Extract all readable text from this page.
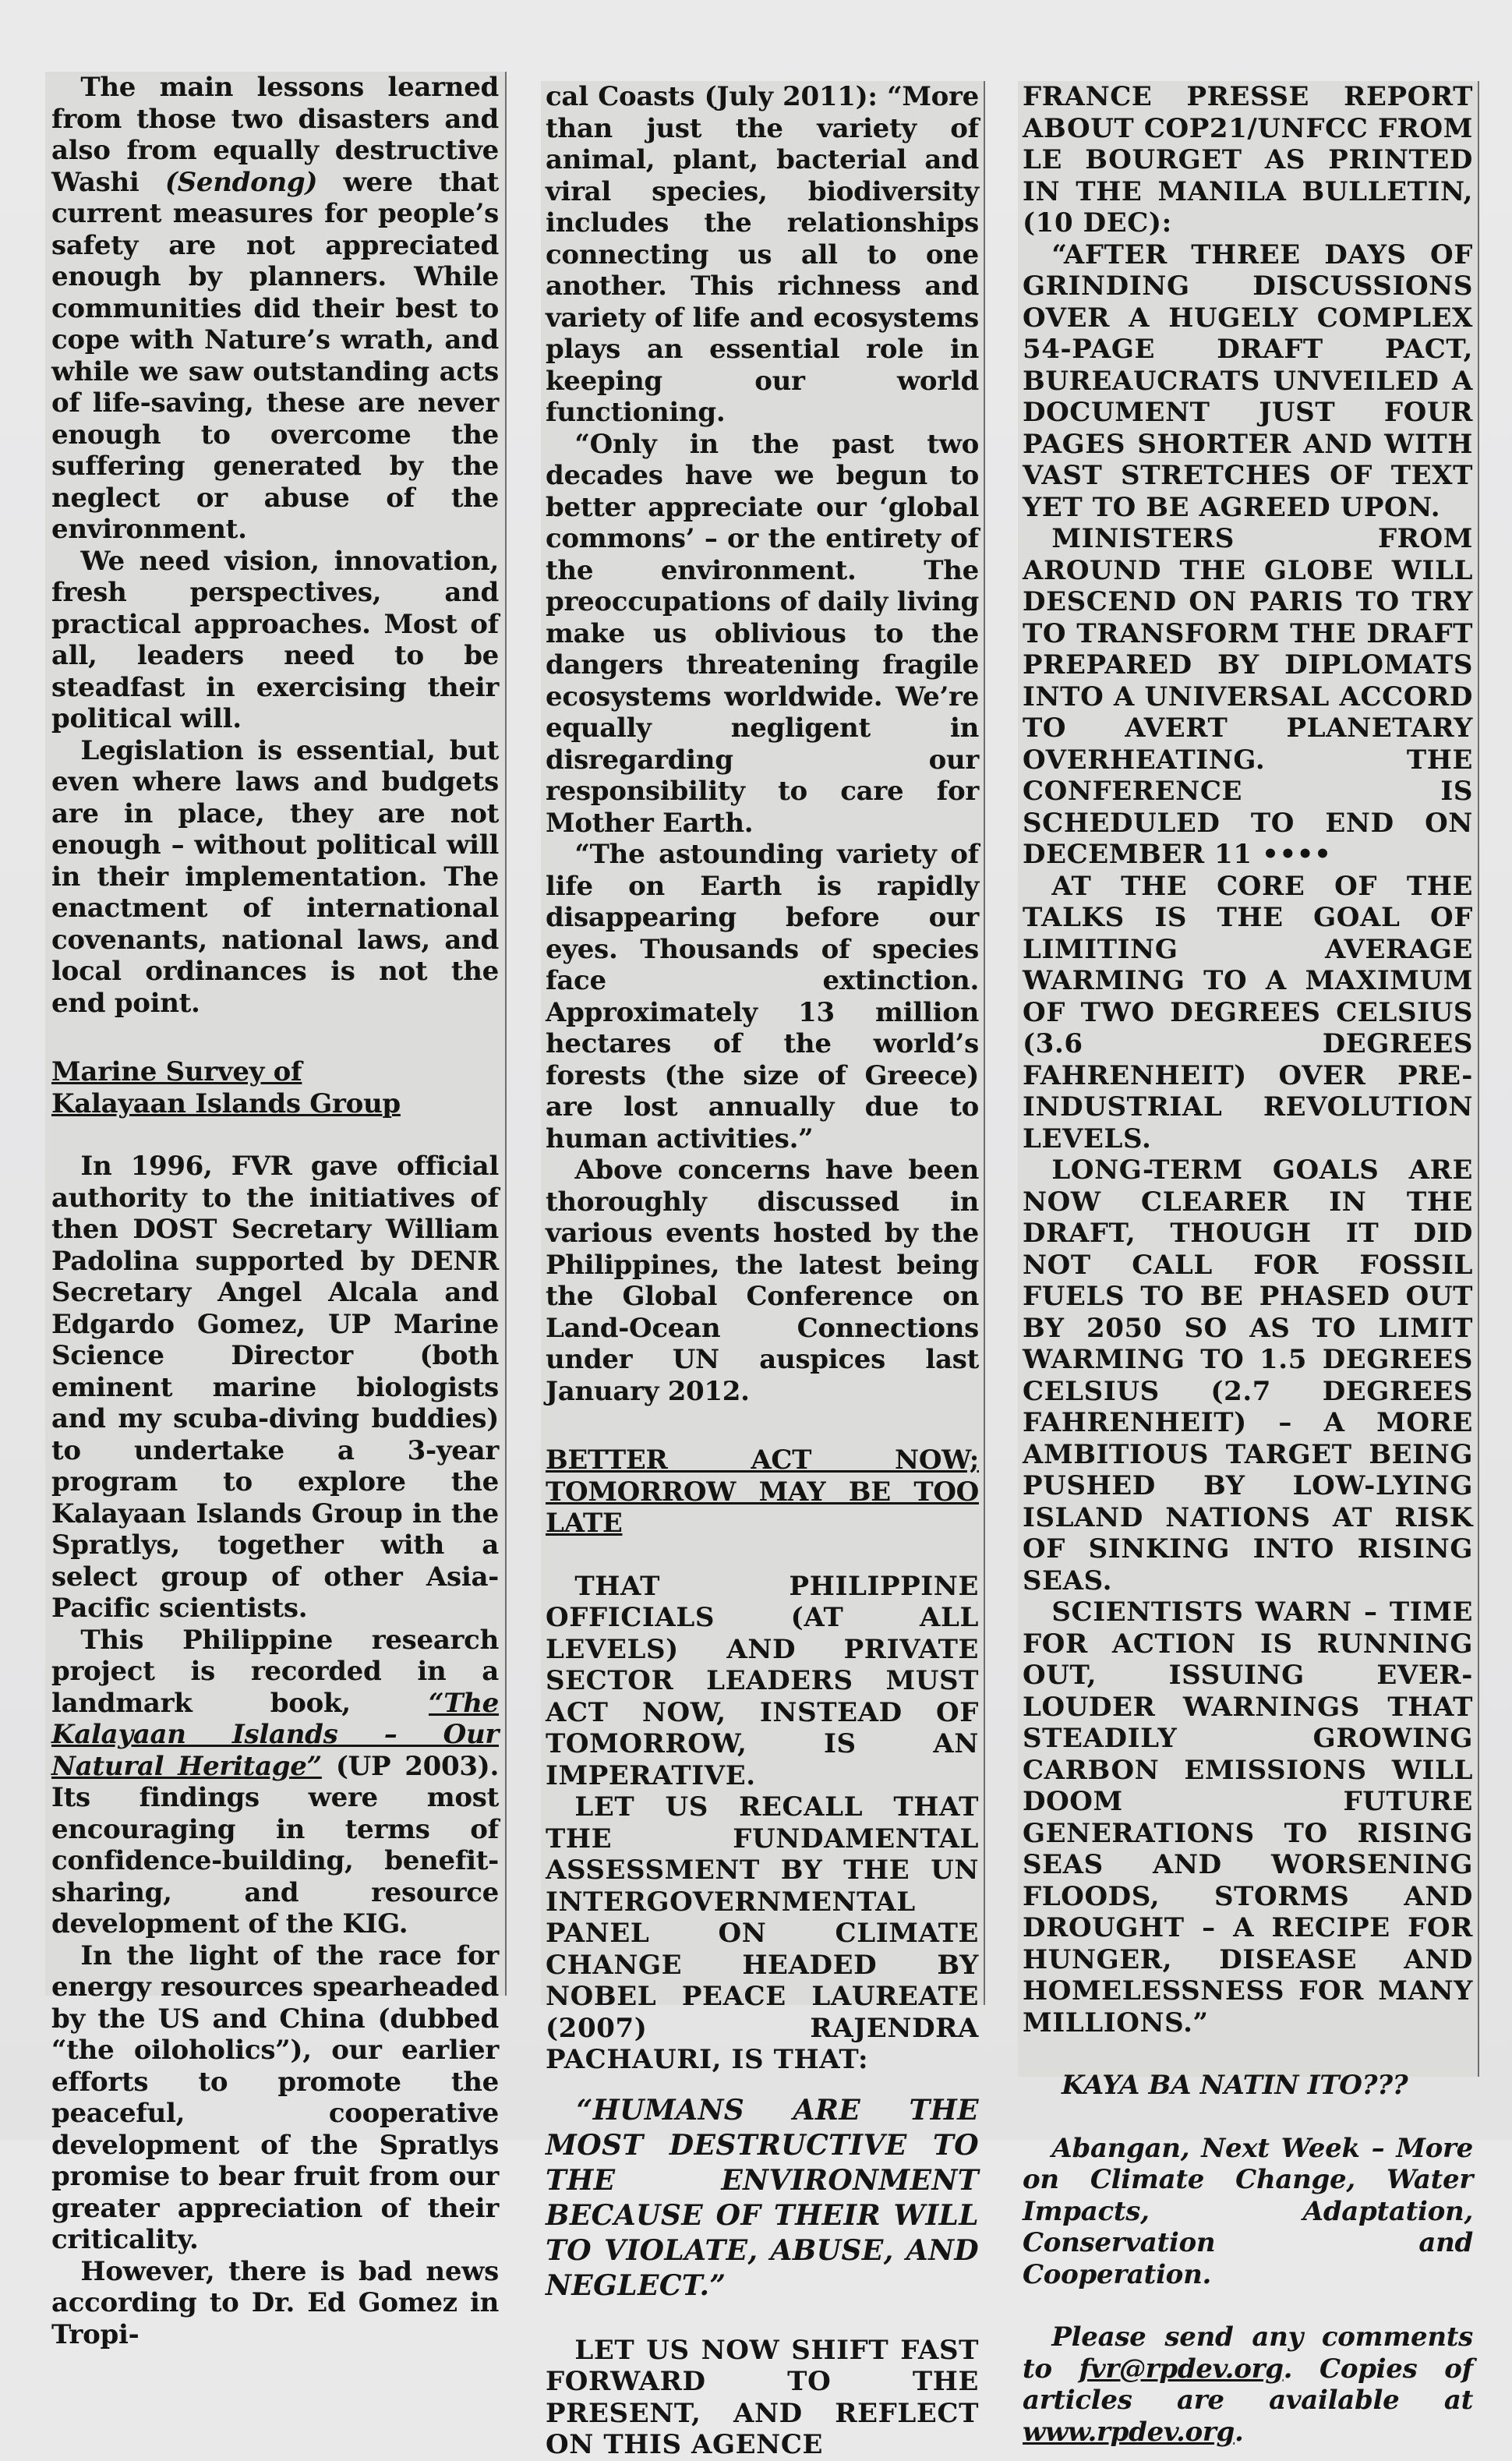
The main lessons learned from those two disasters and also from equally destructive Washi (Sendong) were that current measures for people’s safety are not appreciated enough by planners. While communities did their best to cope with Nature’s wrath, and while we saw outstanding acts of life-saving, these are never enough to overcome the suffering generated by the neglect or abuse of the environment.

We need vision, innovation, fresh perspectives, and practical approaches. Most of all, leaders need to be steadfast in exercising their political will.

Legislation is essential, but even where laws and budgets are in place, they are not enough – without political will in their implementation. The enactment of international covenants, national laws, and local ordinances is not the end point.

Marine Survey of
Kalayaan Islands Group

In 1996, FVR gave official authority to the initiatives of then DOST Secretary William Padolina supported by DENR Secretary Angel Alcala and Edgardo Gomez, UP Marine Science Director (both eminent marine biologists and my scuba-diving buddies) to undertake a 3-year program to explore the Kalayaan Islands Group in the Spratlys, together with a select group of other Asia-Pacific scientists.

This Philippine research project is recorded in a landmark book, “The Kalayaan Islands – Our Natural Heritage” (UP 2003). Its findings were most encouraging in terms of confidence-building, benefit-sharing, and resource development of the KIG.

In the light of the race for energy resources spearheaded by the US and China (dubbed “the oiloholics”), our earlier efforts to promote the peaceful, cooperative development of the Spratlys promise to bear fruit from our greater appreciation of their criticality.

However, there is bad news according to Dr. Ed Gomez in Tropi-

cal Coasts (July 2011): “More than just the variety of animal, plant, bacterial and viral species, biodiversity includes the relationships connecting us all to one another. This richness and variety of life and ecosystems plays an essential role in keeping our world functioning.

“Only in the past two decades have we begun to better appreciate our ‘global commons’ – or the entirety of the environment. The preoccupations of daily living make us oblivious to the dangers threatening fragile ecosystems worldwide. We’re equally negligent in disregarding our responsibility to care for Mother Earth.

“The astounding variety of life on Earth is rapidly disappearing before our eyes. Thousands of species face extinction. Approximately 13 million hectares of the world’s forests (the size of Greece) are lost annually due to human activities.”

Above concerns have been thoroughly discussed in various events hosted by the Philippines, the latest being the Global Conference on Land-Ocean Connections under UN auspices last January 2012.

BETTER ACT NOW; TOMORROW MAY BE TOO LATE

THAT PHILIPPINE OFFICIALS (AT ALL LEVELS) AND PRIVATE SECTOR LEADERS MUST ACT NOW, INSTEAD OF TOMORROW, IS AN IMPERATIVE.

LET US RECALL THAT THE FUNDAMENTAL ASSESSMENT BY THE UN INTERGOVERNMENTAL PANEL ON CLIMATE CHANGE HEADED BY NOBEL PEACE LAUREATE (2007) RAJENDRA PACHAURI, IS THAT:

“HUMANS ARE THE MOST DESTRUCTIVE TO THE ENVIRONMENT BECAUSE OF THEIR WILL TO VIOLATE, ABUSE, AND NEGLECT.”

LET US NOW SHIFT FAST FORWARD TO THE PRESENT, AND REFLECT ON THIS AGENCE

FRANCE PRESSE REPORT ABOUT COP21/UNFCC FROM LE BOURGET AS PRINTED IN THE MANILA BULLETIN, (10 DEC):

“AFTER THREE DAYS OF GRINDING DISCUSSIONS OVER A HUGELY COMPLEX 54-PAGE DRAFT PACT, BUREAUCRATS UNVEILED A DOCUMENT JUST FOUR PAGES SHORTER AND WITH VAST STRETCHES OF TEXT YET TO BE AGREED UPON.

MINISTERS FROM AROUND THE GLOBE WILL DESCEND ON PARIS TO TRY TO TRANSFORM THE DRAFT PREPARED BY DIPLOMATS INTO A UNIVERSAL ACCORD TO AVERT PLANETARY OVERHEATING. THE CONFERENCE IS SCHEDULED TO END ON DECEMBER 11 ••••

AT THE CORE OF THE TALKS IS THE GOAL OF LIMITING AVERAGE WARMING TO A MAXIMUM OF TWO DEGREES CELSIUS (3.6 DEGREES FAHRENHEIT) OVER PRE-INDUSTRIAL REVOLUTION LEVELS.

LONG-TERM GOALS ARE NOW CLEARER IN THE DRAFT, THOUGH IT DID NOT CALL FOR FOSSIL FUELS TO BE PHASED OUT BY 2050 SO AS TO LIMIT WARMING TO 1.5 DEGREES CELSIUS (2.7 DEGREES FAHRENHEIT) – A MORE AMBITIOUS TARGET BEING PUSHED BY LOW-LYING ISLAND NATIONS AT RISK OF SINKING INTO RISING SEAS.

SCIENTISTS WARN – TIME FOR ACTION IS RUNNING OUT, ISSUING EVER-LOUDER WARNINGS THAT STEADILY GROWING CARBON EMISSIONS WILL DOOM FUTURE GENERATIONS TO RISING SEAS AND WORSENING FLOODS, STORMS AND DROUGHT – A RECIPE FOR HUNGER, DISEASE AND HOMELESSNESS FOR MANY MILLIONS.”

KAYA BA NATIN ITO???

Abangan, Next Week – More on Climate Change, Water Impacts, Adaptation, Conservation and Cooperation.

Please send any comments to fvr@rpdev.org. Copies of articles are available at www.rpdev.org.
